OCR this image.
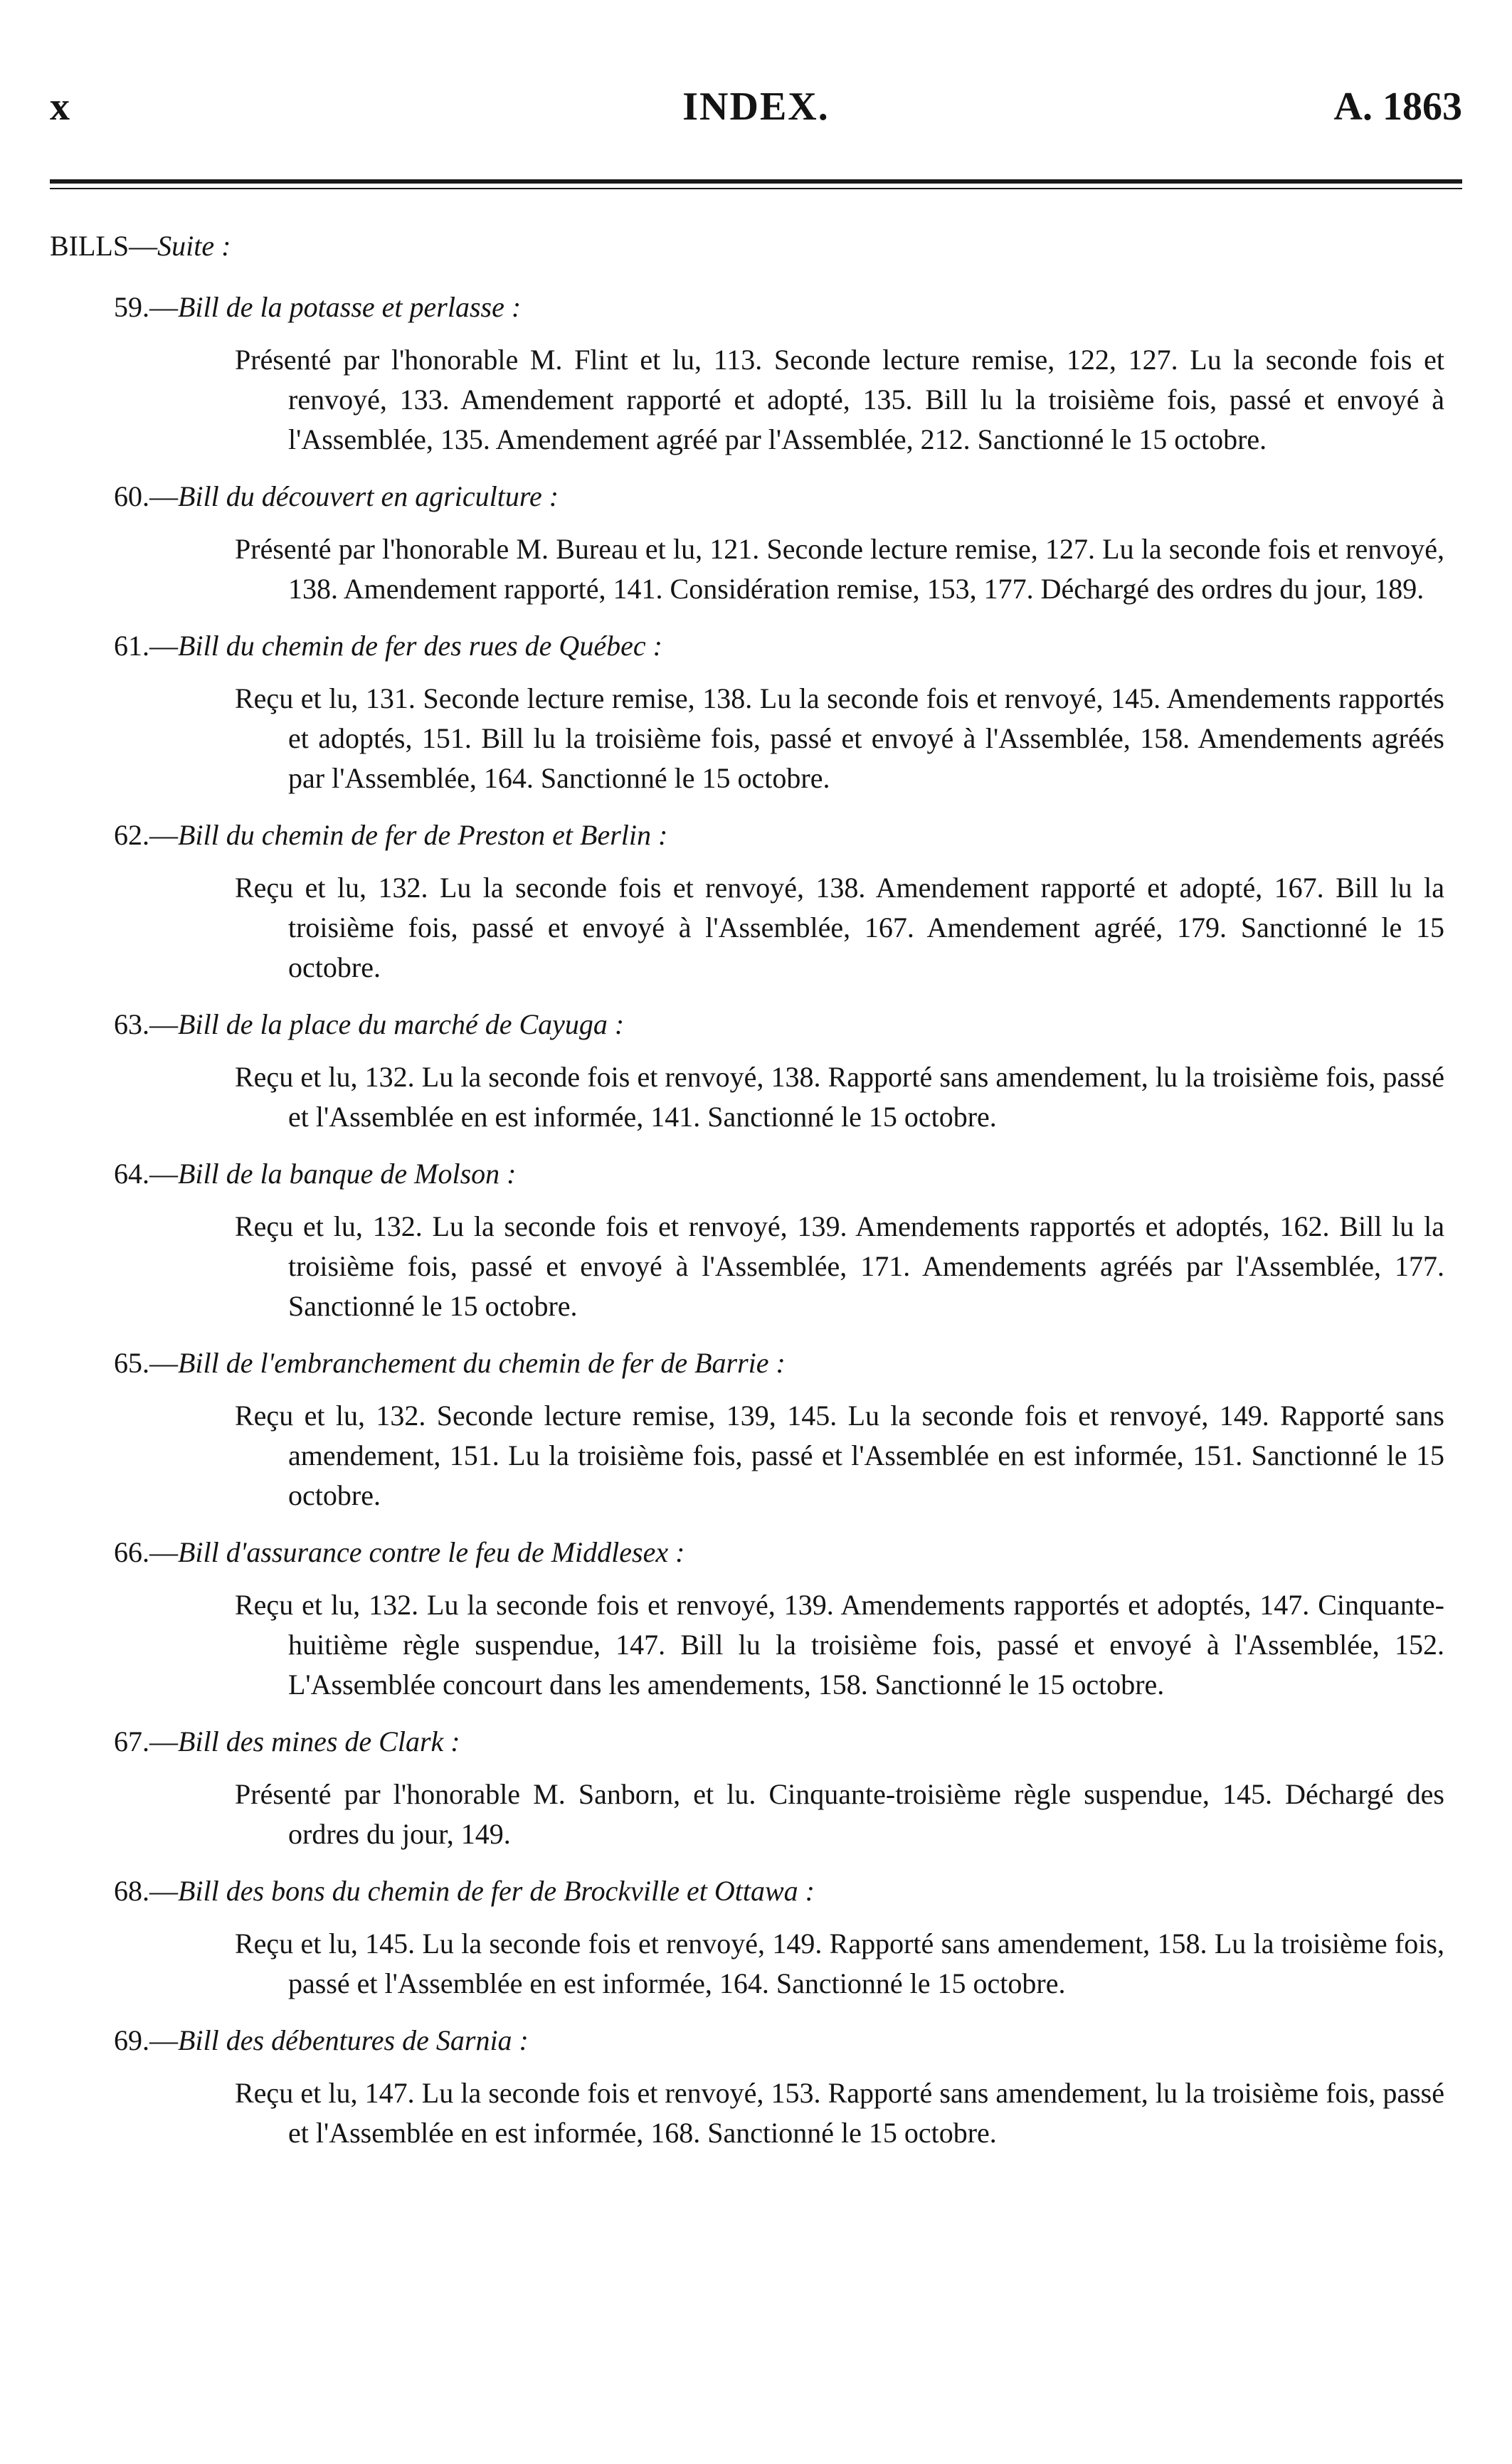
x	INDEX.	A. 1863
BILLS—Suite :
59.—Bill de la potasse et perlasse :
Présenté par l'honorable M. Flint et lu, 113. Seconde lecture remise, 122, 127. Lu la seconde fois et renvoyé, 133. Amendement rapporté et adopté, 135. Bill lu la troisième fois, passé et envoyé à l'Assemblée, 135. Amendement agréé par l'Assemblée, 212. Sanctionné le 15 octobre.
60.—Bill du découvert en agriculture :
Présenté par l'honorable M. Bureau et lu, 121. Seconde lecture remise, 127. Lu la seconde fois et renvoyé, 138. Amendement rapporté, 141. Considération remise, 153, 177. Déchargé des ordres du jour, 189.
61.—Bill du chemin de fer des rues de Québec :
Reçu et lu, 131. Seconde lecture remise, 138. Lu la seconde fois et renvoyé, 145. Amendements rapportés et adoptés, 151. Bill lu la troisième fois, passé et envoyé à l'Assemblée, 158. Amendements agréés par l'Assemblée, 164. Sanctionné le 15 octobre.
62.—Bill du chemin de fer de Preston et Berlin :
Reçu et lu, 132. Lu la seconde fois et renvoyé, 138. Amendement rapporté et adopté, 167. Bill lu la troisième fois, passé et envoyé à l'Assemblée, 167. Amendement agréé, 179. Sanctionné le 15 octobre.
63.—Bill de la place du marché de Cayuga :
Reçu et lu, 132. Lu la seconde fois et renvoyé, 138. Rapporté sans amendement, lu la troisième fois, passé et l'Assemblée en est informée, 141. Sanctionné le 15 octobre.
64.—Bill de la banque de Molson :
Reçu et lu, 132. Lu la seconde fois et renvoyé, 139. Amendements rapportés et adoptés, 162. Bill lu la troisième fois, passé et envoyé à l'Assemblée, 171. Amendements agréés par l'Assemblée, 177. Sanctionné le 15 octobre.
65.—Bill de l'embranchement du chemin de fer de Barrie :
Reçu et lu, 132. Seconde lecture remise, 139, 145. Lu la seconde fois et renvoyé, 149. Rapporté sans amendement, 151. Lu la troisième fois, passé et l'Assemblée en est informée, 151. Sanctionné le 15 octobre.
66.—Bill d'assurance contre le feu de Middlesex :
Reçu et lu, 132. Lu la seconde fois et renvoyé, 139. Amendements rapportés et adoptés, 147. Cinquante-huitième règle suspendue, 147. Bill lu la troisième fois, passé et envoyé à l'Assemblée, 152. L'Assemblée concourt dans les amendements, 158. Sanctionné le 15 octobre.
67.—Bill des mines de Clark :
Présenté par l'honorable M. Sanborn, et lu. Cinquante-troisième règle suspendue, 145. Déchargé des ordres du jour, 149.
68.—Bill des bons du chemin de fer de Brockville et Ottawa :
Reçu et lu, 145. Lu la seconde fois et renvoyé, 149. Rapporté sans amendement, 158. Lu la troisième fois, passé et l'Assemblée en est informée, 164. Sanctionné le 15 octobre.
69.—Bill des débentures de Sarnia :
Reçu et lu, 147. Lu la seconde fois et renvoyé, 153. Rapporté sans amendement, lu la troisième fois, passé et l'Assemblée en est informée, 168. Sanctionné le 15 octobre.
